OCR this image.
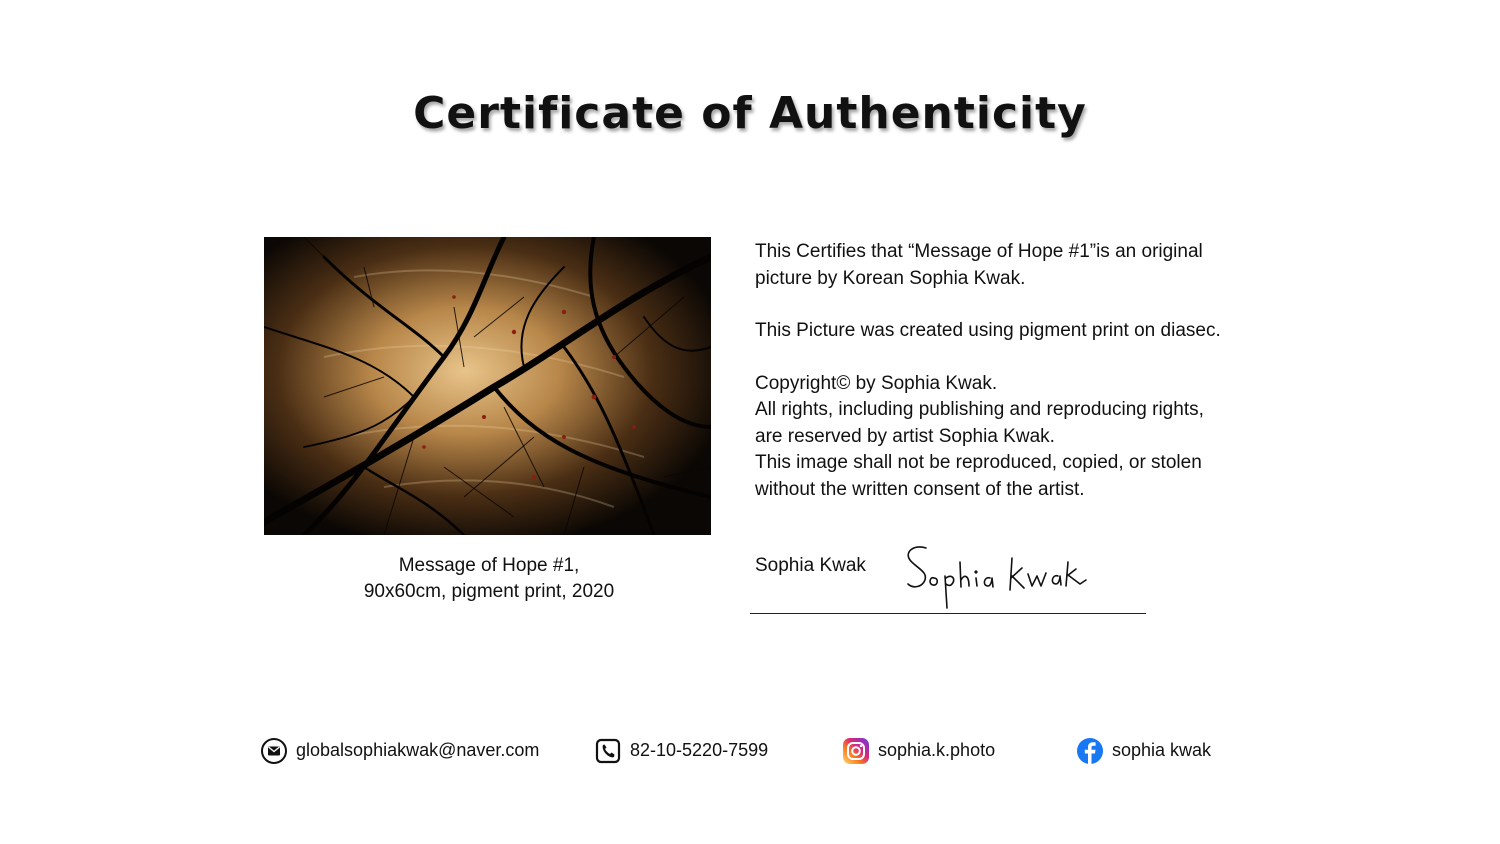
Certificate of Authenticity
Message of Hope #1,
90x60cm, pigment print, 2020

This Certifies that “Message of Hope #1”is an original
picture by Korean Sophia Kwak.

This Picture was created using pigment print on diasec.

Copyright© by Sophia Kwak.

All rights, including publishing and reproducing rights,

are reserved by artist Sophia Kwak.

This image shall not be reproduced, copied, or stolen

without the written consent of the artist.

Sophia Kwak
globalsophiakwak@naver.com	82-10-5220-7599	sophia.k.photo	sophia kwak
